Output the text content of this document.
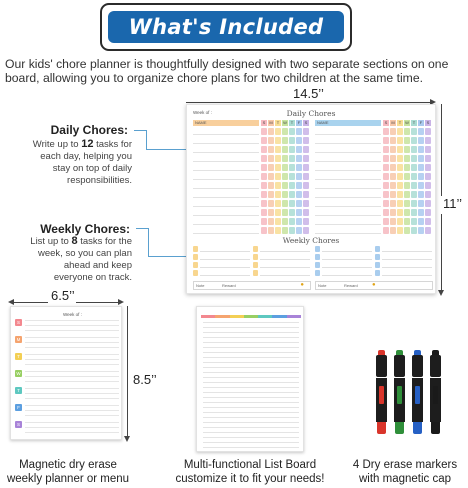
What's Included
Our kids' chore planner is thoughtfully designed with two separate sections on one board, allowing you to organize chore plans for two children at the same time.
14.5’’
11’’
Daily Chores:
Write up to 12 tasks for each day, helping you stay on top of daily responsibilities.
Weekly Chores:
List up to 8 tasks for the week, so you can plan ahead and keep everyone on track.
Week of :	Daily Chores
NAME	S	M	T W T	F	S	NAME	S	M	T W T	F	S
Weekly Chores
Note	Reward	●	Note	Reward ●
6.5’’
8.5’’
Week of :
S
M
T
W
T
F
S
Magnetic dry erase weekly planner or menu
Multi-functional List Board customize it to fit your needs!
4 Dry erase markers with magnetic cap
